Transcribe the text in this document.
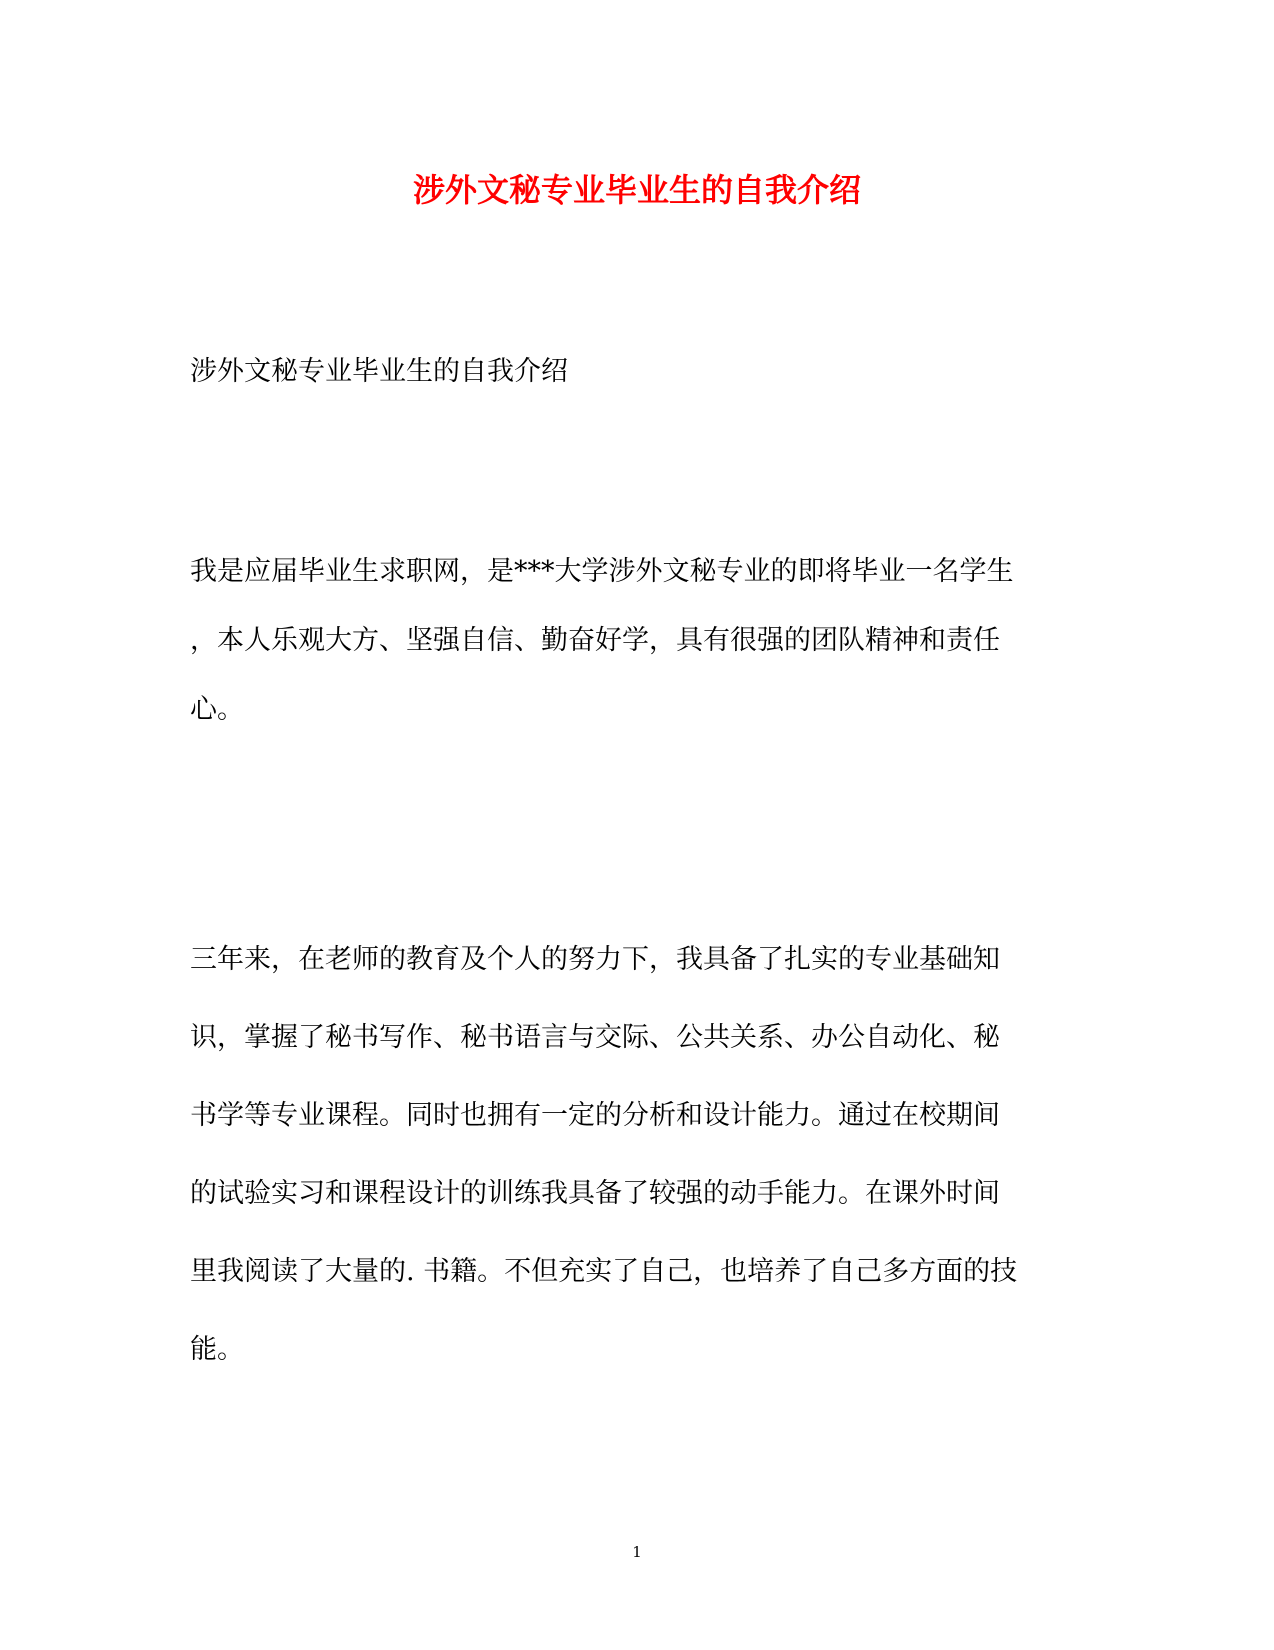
涉外文秘专业毕业生的自我介绍

涉外文秘专业毕业生的自我介绍

我是应届毕业生求职网，是***大学涉外文秘专业的即将毕业一名学生
，本人乐观大方、坚强自信、勤奋好学，具有很强的团队精神和责任
心。
三年来，在老师的教育及个人的努力下，我具备了扎实的专业基础知
识，掌握了秘书写作、秘书语言与交际、公共关系、办公自动化、秘
书学等专业课程。同时也拥有一定的分析和设计能力。通过在校期间
的试验实习和课程设计的训练我具备了较强的动手能力。在课外时间
里我阅读了大量的. 书籍。不但充实了自己，也培养了自己多方面的技
能。

1
